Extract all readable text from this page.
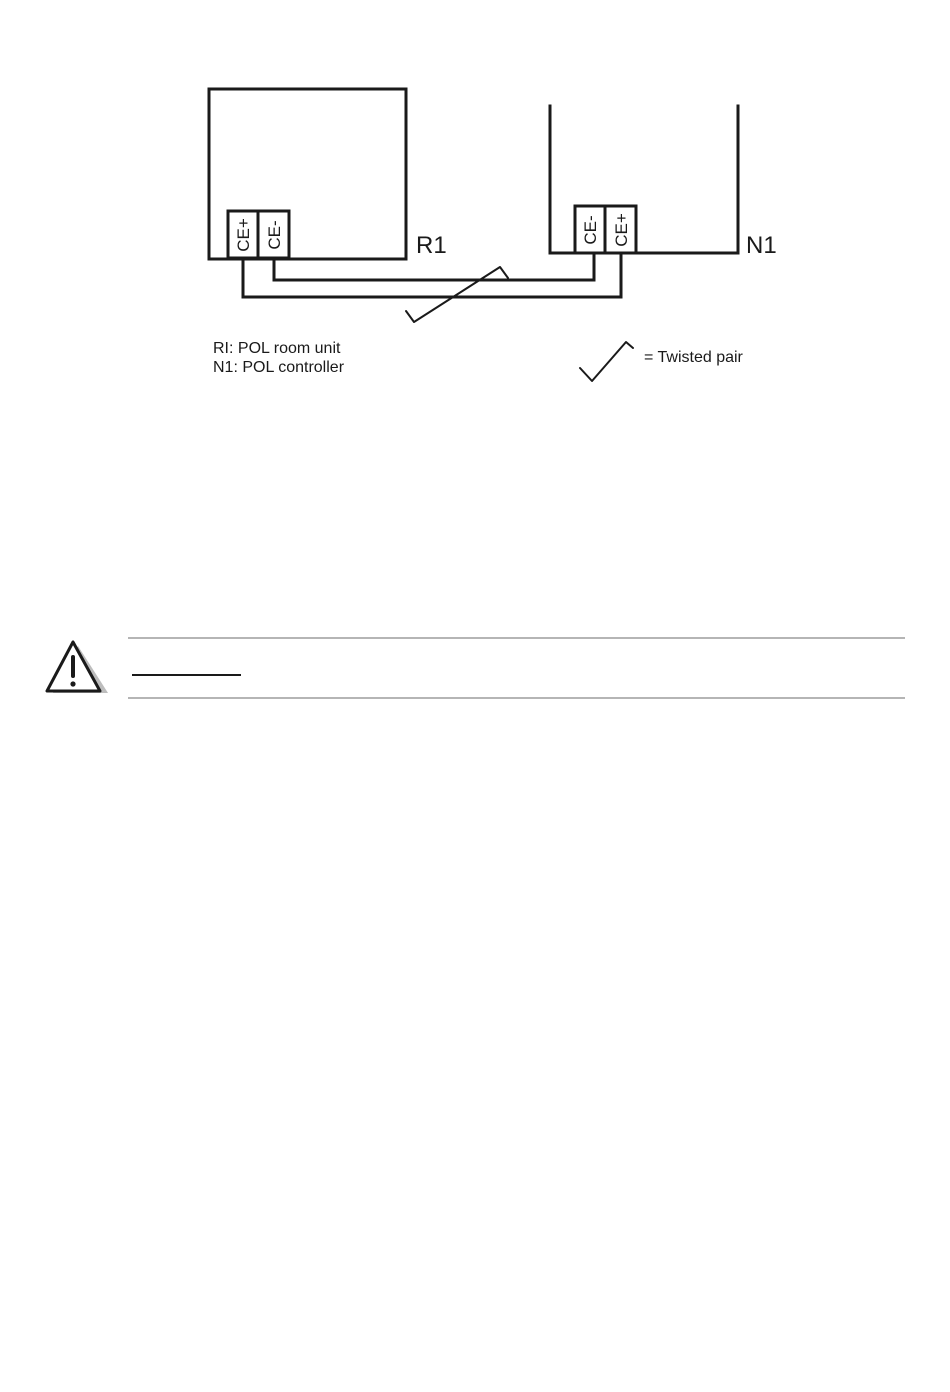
CE+ CE-	R1
CE- CE+	N1
RI: POL room unit
N1: POL controller
= Twisted pair
